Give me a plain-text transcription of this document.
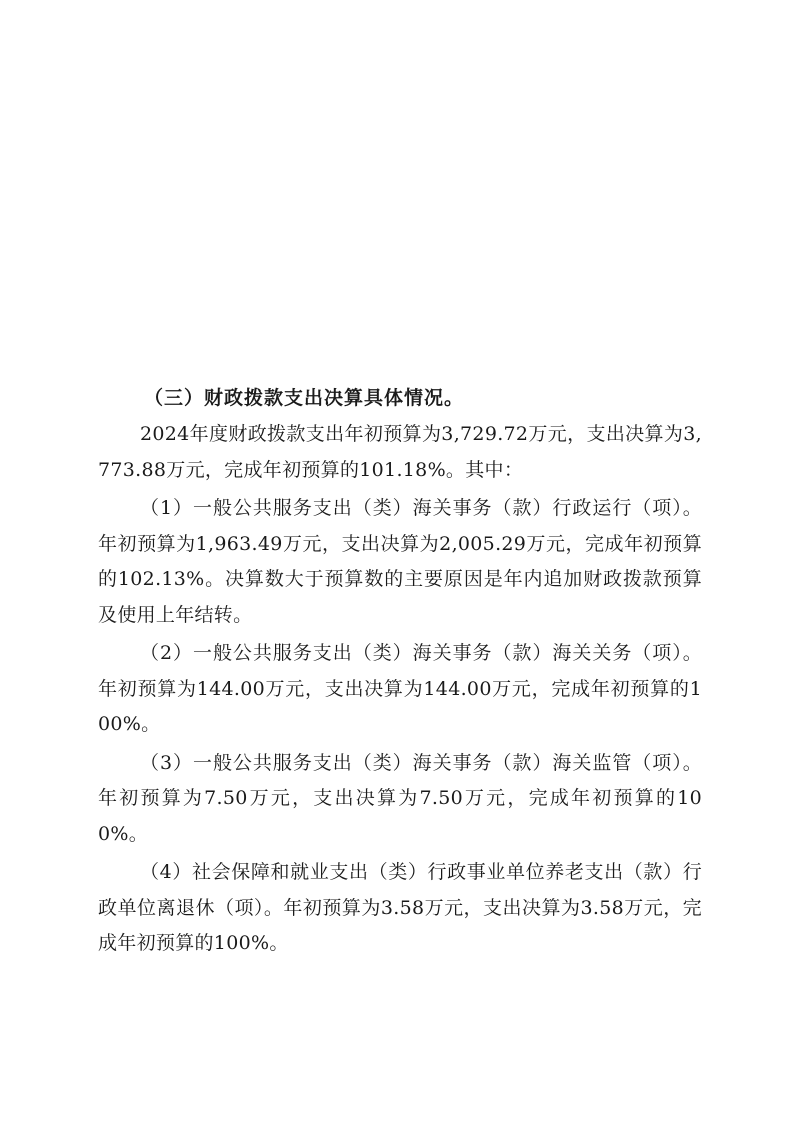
（三）财政拨款支出决算具体情况。

2024年度财政拨款支出年初预算为3,729.72万元，支出决算为3,773.88万元，完成年初预算的101.18%。其中：

（1）一般公共服务支出（类）海关事务（款）行政运行（项）。年初预算为1,963.49万元，支出决算为2,005.29万元，完成年初预算的102.13%。决算数大于预算数的主要原因是年内追加财政拨款预算及使用上年结转。

（2）一般公共服务支出（类）海关事务（款）海关关务（项）。年初预算为144.00万元，支出决算为144.00万元，完成年初预算的100%。

（3）一般公共服务支出（类）海关事务（款）海关监管（项）。年初预算为7.50万元，支出决算为7.50万元，完成年初预算的100%。

（4）社会保障和就业支出（类）行政事业单位养老支出（款）行政单位离退休（项）。年初预算为3.58万元，支出决算为3.58万元，完成年初预算的100%。
